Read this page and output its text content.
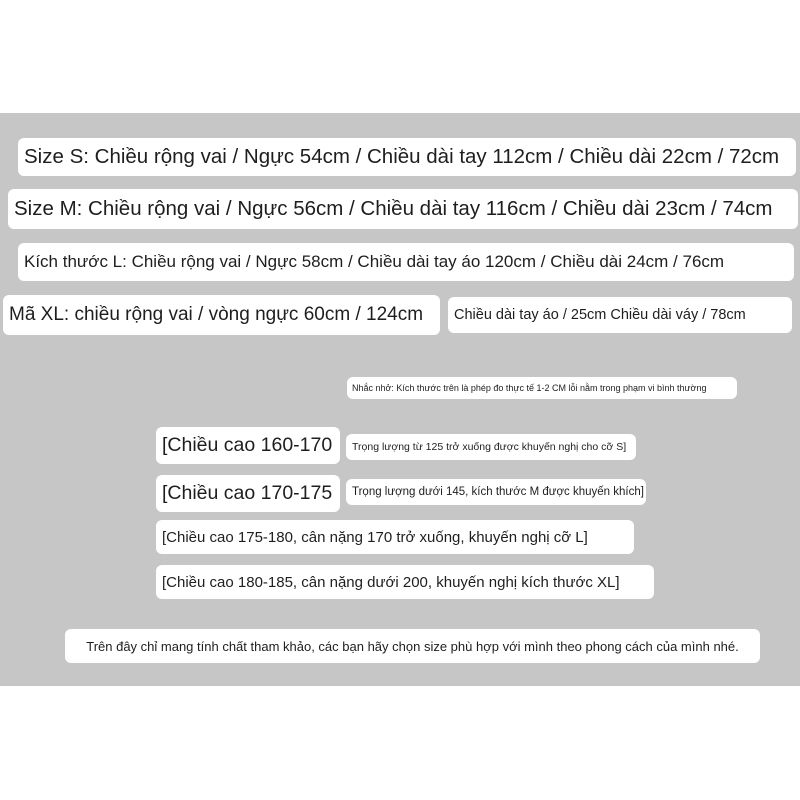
Size S: Chiều rộng vai / Ngực 54cm / Chiều dài tay 112cm / Chiều dài 22cm / 72cm
Size M: Chiều rộng vai / Ngực 56cm / Chiều dài tay 116cm / Chiều dài 23cm / 74cm
Kích thước L: Chiều rộng vai / Ngực 58cm / Chiều dài tay áo 120cm / Chiều dài 24cm / 76cm
Mã XL: chiều rộng vai / vòng ngực 60cm / 124cm	Chiều dài tay áo / 25cm Chiều dài váy / 78cm
Nhắc nhở: Kích thước trên là phép đo thực tế 1-2 CM lỗi nằm trong phạm vi bình thường
[Chiều cao 160-170	Trọng lượng từ 125 trở xuống được khuyến nghị cho cỡ S]
[Chiều cao 170-175	Trọng lượng dưới 145, kích thước M được khuyến khích]
[Chiều cao 175-180, cân nặng 170 trở xuống, khuyến nghị cỡ L]
[Chiều cao 180-185, cân nặng dưới 200, khuyến nghị kích thước XL]
Trên đây chỉ mang tính chất tham khảo, các bạn hãy chọn size phù hợp với mình theo phong cách của mình nhé.
